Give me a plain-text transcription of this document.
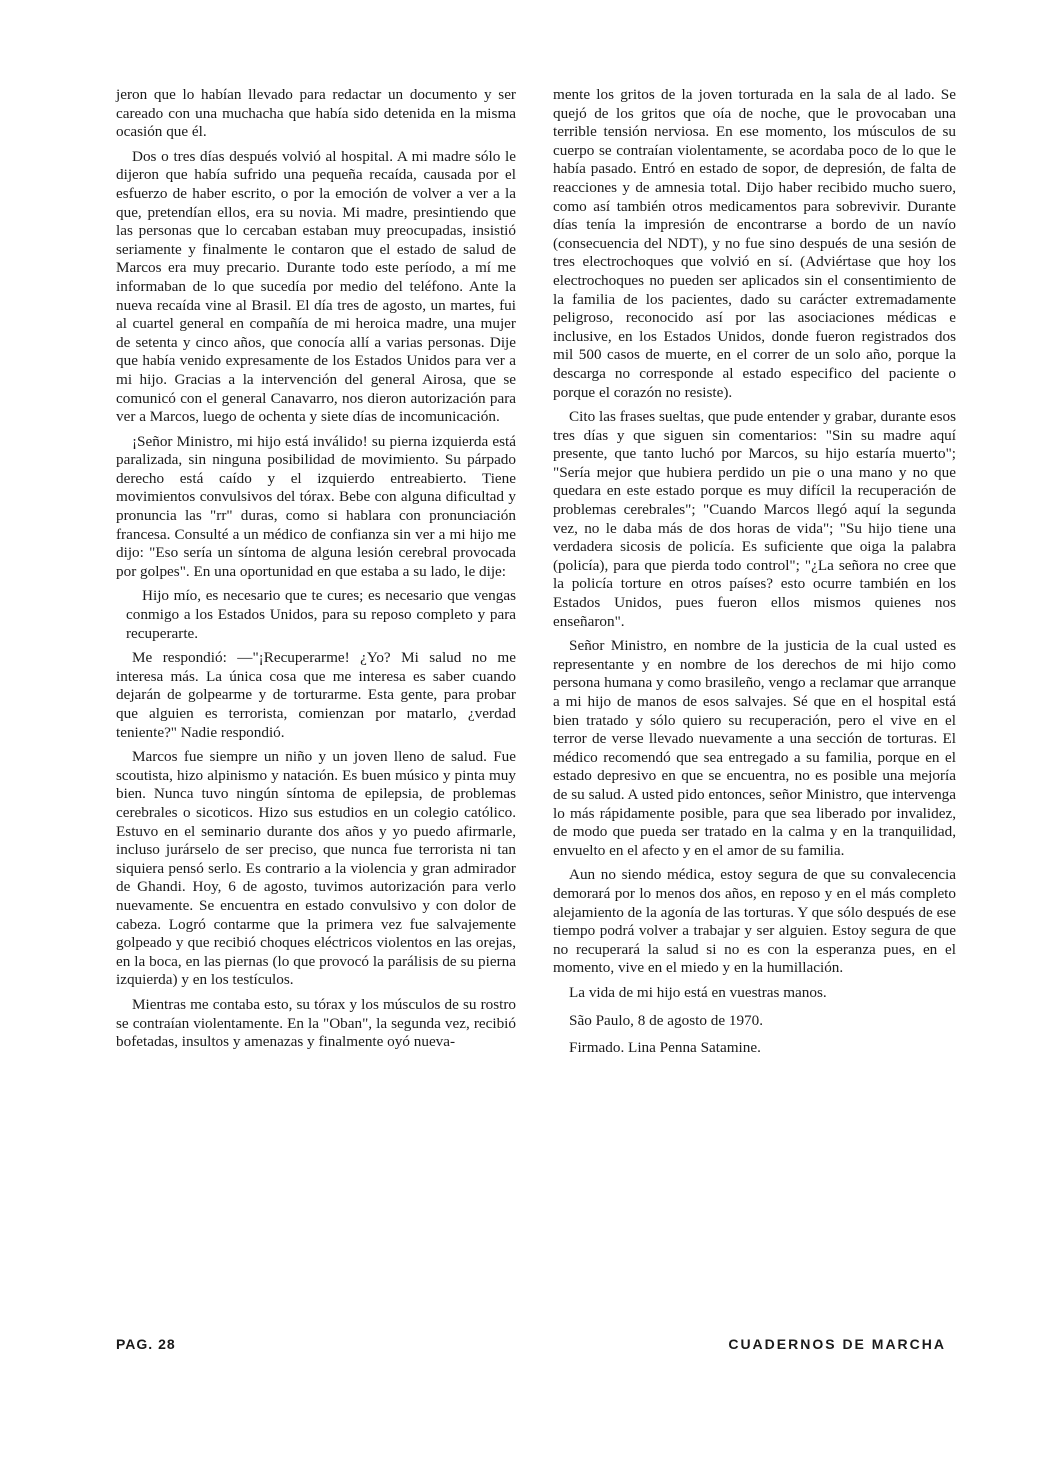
jeron que lo habían llevado para redactar un documento y ser careado con una muchacha que había sido detenida en la misma ocasión que él.

Dos o tres días después volvió al hospital. A mi madre sólo le dijeron que había sufrido una pequeña recaída, causada por el esfuerzo de haber escrito, o por la emoción de volver a ver a la que, pretendían ellos, era su novia. Mi madre, presintiendo que las personas que lo cercaban estaban muy preocupadas, insistió seriamente y finalmente le contaron que el estado de salud de Marcos era muy precario. Durante todo este período, a mí me informaban de lo que sucedía por medio del teléfono. Ante la nueva recaída vine al Brasil. El día tres de agosto, un martes, fui al cuartel general en compañía de mi heroica madre, una mujer de setenta y cinco años, que conocía allí a varias personas. Dije que había venido expresamente de los Estados Unidos para ver a mi hijo. Gracias a la intervención del general Airosa, que se comunicó con el general Canavarro, nos dieron autorización para ver a Marcos, luego de ochenta y siete días de incomunicación.

¡Señor Ministro, mi hijo está inválido! su pierna izquierda está paralizada, sin ninguna posibilidad de movimiento. Su párpado derecho está caído y el izquierdo entreabierto. Tiene movimientos convulsivos del tórax. Bebe con alguna dificultad y pronuncia las "rr" duras, como si hablara con pronunciación francesa. Consulté a un médico de confianza sin ver a mi hijo me dijo: "Eso sería un síntoma de alguna lesión cerebral provocada por golpes". En una oportunidad en que estaba a su lado, le dije:

Hijo mío, es necesario que te cures; es necesario que vengas conmigo a los Estados Unidos, para su reposo completo y para recuperarte.

Me respondió: —"¡Recuperarme! ¿Yo? Mi salud no me interesa más. La única cosa que me interesa es saber cuando dejarán de golpearme y de torturarme. Esta gente, para probar que alguien es terrorista, comienzan por matarlo, ¿verdad teniente?" Nadie respondió.

Marcos fue siempre un niño y un joven lleno de salud. Fue scoutista, hizo alpinismo y natación. Es buen músico y pinta muy bien. Nunca tuvo ningún síntoma de epilepsia, de problemas cerebrales o sicoticos. Hizo sus estudios en un colegio católico. Estuvo en el seminario durante dos años y yo puedo afirmarle, incluso jurárselo de ser preciso, que nunca fue terrorista ni tan siquiera pensó serlo. Es contrario a la violencia y gran admirador de Ghandi. Hoy, 6 de agosto, tuvimos autorización para verlo nuevamente. Se encuentra en estado convulsivo y con dolor de cabeza. Logró contarme que la primera vez fue salvajemente golpeado y que recibió choques eléctricos violentos en las orejas, en la boca, en las piernas (lo que provocó la parálisis de su pierna izquierda) y en los testículos.

Mientras me contaba esto, su tórax y los músculos de su rostro se contraían violentamente. En la "Oban", la segunda vez, recibió bofetadas, insultos y amenazas y finalmente oyó nueva-

mente los gritos de la joven torturada en la sala de al lado. Se quejó de los gritos que oía de noche, que le provocaban una terrible tensión nerviosa. En ese momento, los músculos de su cuerpo se contraían violentamente, se acordaba poco de lo que le había pasado. Entró en estado de sopor, de depresión, de falta de reacciones y de amnesia total. Dijo haber recibido mucho suero, como así también otros medicamentos para sobrevivir. Durante días tenía la impresión de encontrarse a bordo de un navío (consecuencia del NDT), y no fue sino después de una sesión de tres electrochoques que volvió en sí. (Adviértase que hoy los electrochoques no pueden ser aplicados sin el consentimiento de la familia de los pacientes, dado su carácter extremadamente peligroso, reconocido así por las asociaciones médicas e inclusive, en los Estados Unidos, donde fueron registrados dos mil 500 casos de muerte, en el correr de un solo año, porque la descarga no corresponde al estado especifico del paciente o porque el corazón no resiste).

Cito las frases sueltas, que pude entender y grabar, durante esos tres días y que siguen sin comentarios: "Sin su madre aquí presente, que tanto luchó por Marcos, su hijo estaría muerto"; "Sería mejor que hubiera perdido un pie o una mano y no que quedara en este estado porque es muy difícil la recuperación de problemas cerebrales"; "Cuando Marcos llegó aquí la segunda vez, no le daba más de dos horas de vida"; "Su hijo tiene una verdadera sicosis de policía. Es suficiente que oiga la palabra (policía), para que pierda todo control"; "¿La señora no cree que la policía torture en otros países? esto ocurre también en los Estados Unidos, pues fueron ellos mismos quienes nos enseñaron".

Señor Ministro, en nombre de la justicia de la cual usted es representante y en nombre de los derechos de mi hijo como persona humana y como brasileño, vengo a reclamar que arranque a mi hijo de manos de esos salvajes. Sé que en el hospital está bien tratado y sólo quiero su recuperación, pero el vive en el terror de verse llevado nuevamente a una sección de torturas. El médico recomendó que sea entregado a su familia, porque en el estado depresivo en que se encuentra, no es posible una mejoría de su salud. A usted pido entonces, señor Ministro, que intervenga lo más rápidamente posible, para que sea liberado por invalidez, de modo que pueda ser tratado en la calma y en la tranquilidad, envuelto en el afecto y en el amor de su familia.

Aun no siendo médica, estoy segura de que su convalecencia demorará por lo menos dos años, en reposo y en el más completo alejamiento de la agonía de las torturas. Y que sólo después de ese tiempo podrá volver a trabajar y ser alguien. Estoy segura de que no recuperará la salud si no es con la esperanza pues, en el momento, vive en el miedo y en la humillación.

La vida de mi hijo está en vuestras manos.

São Paulo, 8 de agosto de 1970.

Firmado. Lina Penna Satamine.

PAG. 28	CUADERNOS DE MARCHA
